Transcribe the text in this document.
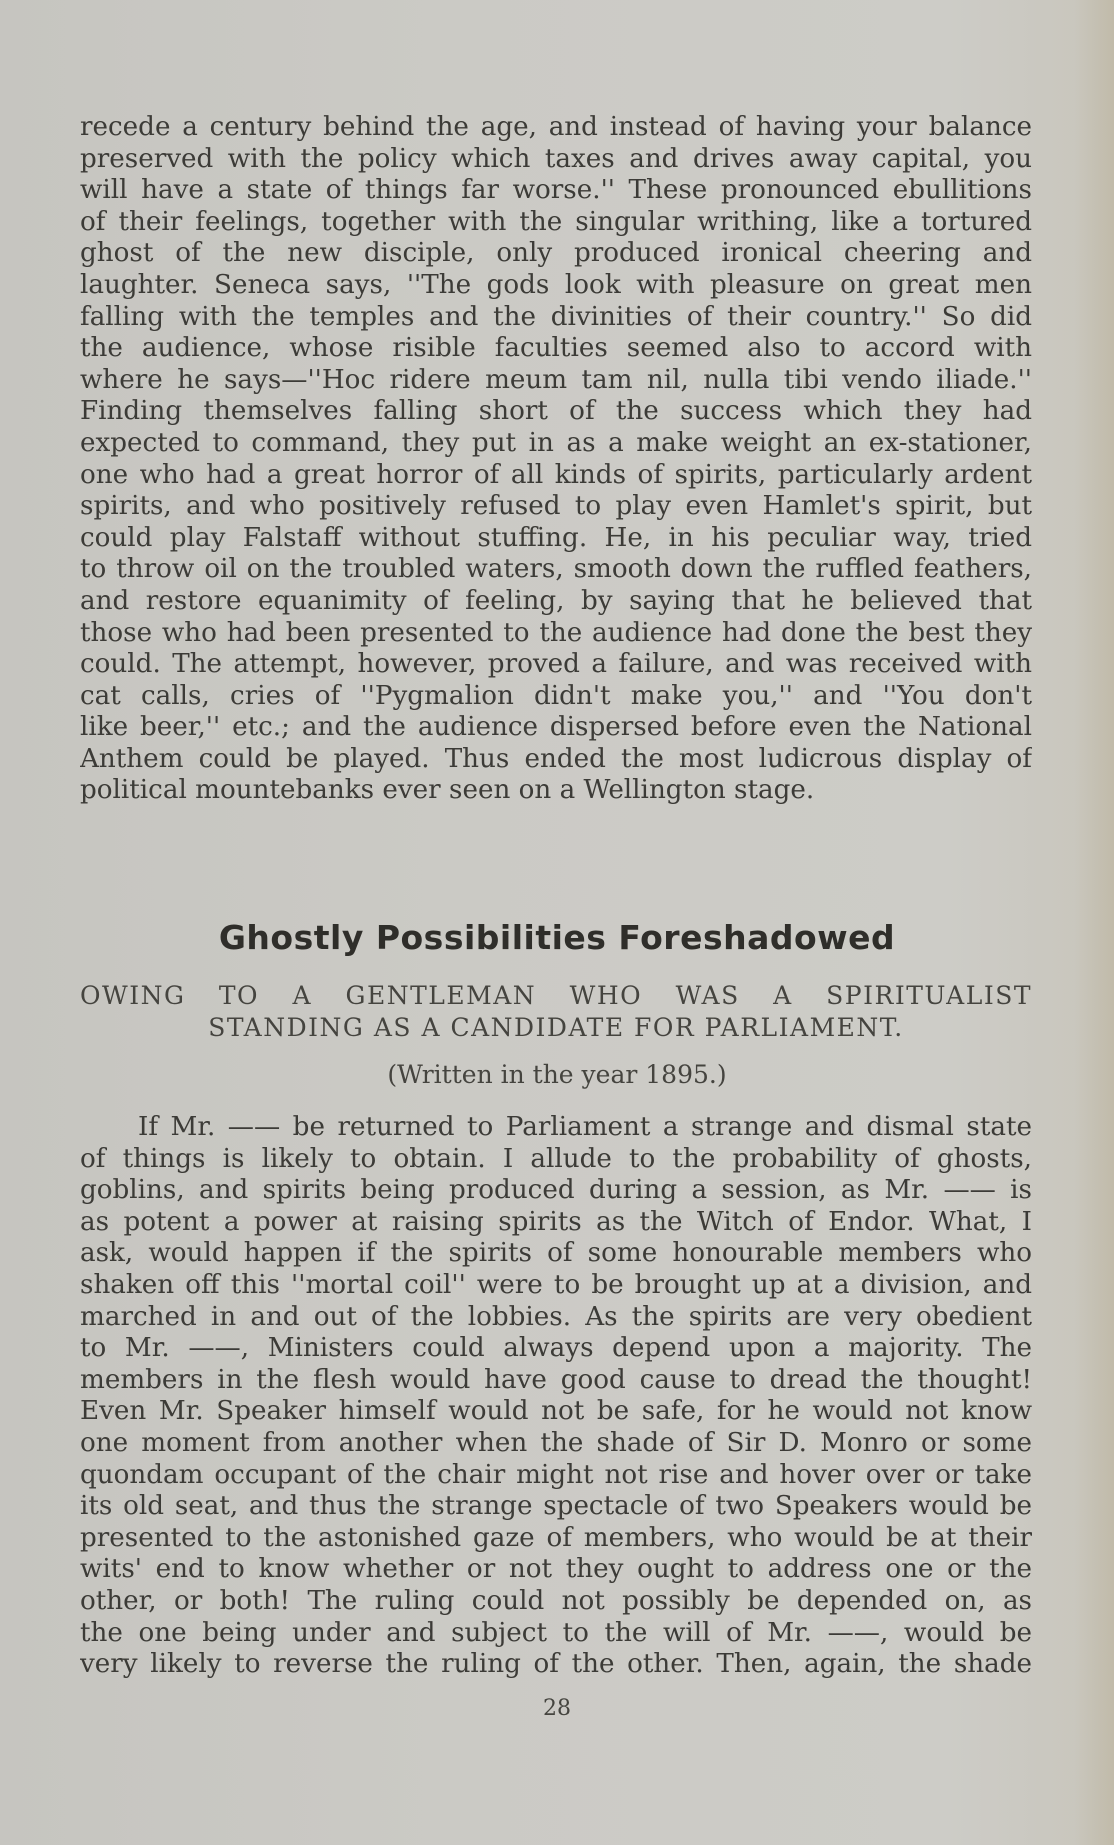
recede a century behind the age, and instead of having your balance
preserved with the policy which taxes and drives away capital, you
will have a state of things far worse.'' These pronounced ebullitions
of their feelings, together with the singular writhing, like a tortured
ghost of the new disciple, only produced ironical cheering and
laughter. Seneca says, ''The gods look with pleasure on great men
falling with the temples and the divinities of their country.'' So did
the audience, whose risible faculties seemed also to accord with
where he says—''Hoc ridere meum tam nil, nulla tibi vendo iliade.''
Finding themselves falling short of the success which they had
expected to command, they put in as a make weight an ex-stationer,
one who had a great horror of all kinds of spirits, particularly ardent
spirits, and who positively refused to play even Hamlet's spirit, but
could play Falstaff without stuffing. He, in his peculiar way, tried
to throw oil on the troubled waters, smooth down the ruffled feathers,
and restore equanimity of feeling, by saying that he believed that
those who had been presented to the audience had done the best they
could. The attempt, however, proved a failure, and was received with
cat calls, cries of ''Pygmalion didn't make you,'' and ''You don't
like beer,'' etc.; and the audience dispersed before even the National
Anthem could be played. Thus ended the most ludicrous display of
political mountebanks ever seen on a Wellington stage.
Ghostly Possibilities Foreshadowed
OWING TO A GENTLEMAN WHO WAS A SPIRITUALIST
STANDING AS A CANDIDATE FOR PARLIAMENT.
(Written in the year 1895.)
If Mr. —— be returned to Parliament a strange and dismal state
of things is likely to obtain. I allude to the probability of ghosts,
goblins, and spirits being produced during a session, as Mr. —— is
as potent a power at raising spirits as the Witch of Endor. What, I
ask, would happen if the spirits of some honourable members who
shaken off this ''mortal coil'' were to be brought up at a division, and
marched in and out of the lobbies. As the spirits are very obedient
to Mr. ——, Ministers could always depend upon a majority. The
members in the flesh would have good cause to dread the thought!
Even Mr. Speaker himself would not be safe, for he would not know
one moment from another when the shade of Sir D. Monro or some
quondam occupant of the chair might not rise and hover over or take
its old seat, and thus the strange spectacle of two Speakers would be
presented to the astonished gaze of members, who would be at their
wits' end to know whether or not they ought to address one or the
other, or both! The ruling could not possibly be depended on, as
the one being under and subject to the will of Mr. ——, would be
very likely to reverse the ruling of the other. Then, again, the shade
28
